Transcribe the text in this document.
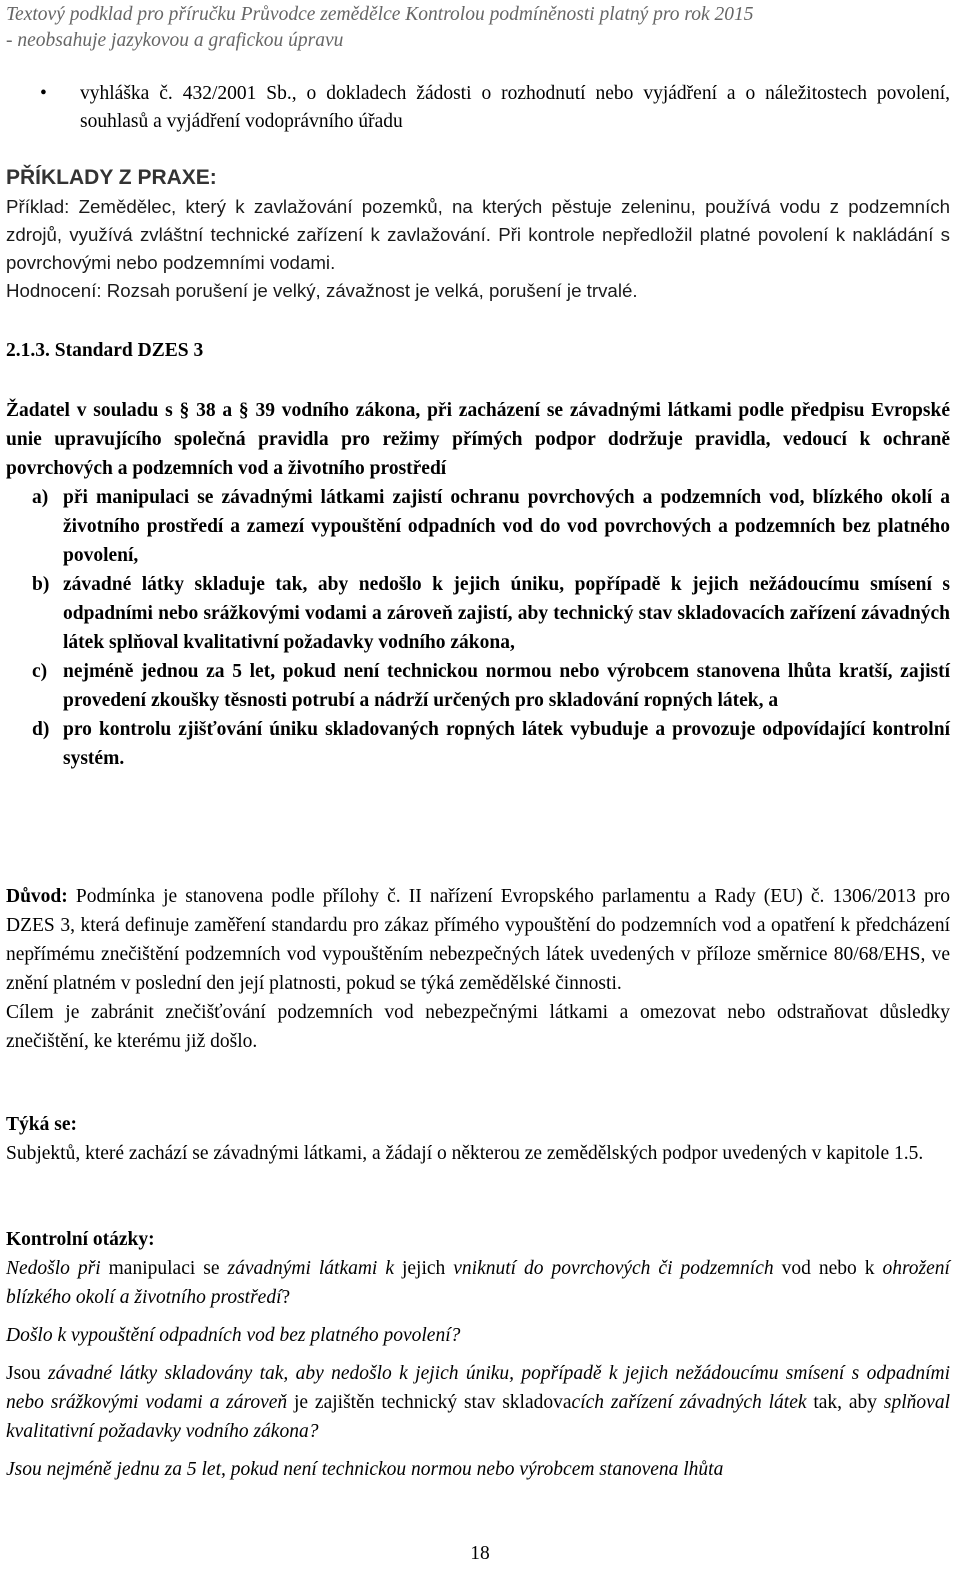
Textový podklad pro příručku Průvodce zemědělce Kontrolou podmíněnosti platný pro rok 2015
- neobsahuje jazykovou a grafickou úpravu
• vyhláška č. 432/2001 Sb., o dokladech žádosti o rozhodnutí nebo vyjádření a o náležitostech povolení, souhlasů a vyjádření vodoprávního úřadu
PŘÍKLADY Z PRAXE:
Příklad: Zemědělec, který k zavlažování pozemků, na kterých pěstuje zeleninu, používá vodu z podzemních zdrojů, využívá zvláštní technické zařízení k zavlažování. Při kontrole nepředložil platné povolení k nakládání s povrchovými nebo podzemními vodami.
Hodnocení: Rozsah porušení je velký, závažnost je velká, porušení je trvalé.
2.1.3. Standard DZES 3

Žadatel v souladu s § 38 a § 39 vodního zákona, při zacházení se závadnými látkami podle předpisu Evropské unie upravujícího společná pravidla pro režimy přímých podpor dodržuje pravidla, vedoucí k ochraně povrchových a podzemních vod a životního prostředí

a) při manipulaci se závadnými látkami zajistí ochranu povrchových a podzemních vod, blízkého okolí a životního prostředí a zamezí vypouštění odpadních vod do vod povrchových a podzemních bez platného povolení,
b) závadné látky skladuje tak, aby nedošlo k jejich úniku, popřípadě k jejich nežádoucímu smísení s odpadními nebo srážkovými vodami a zároveň zajistí, aby technický stav skladovacích zařízení závadných látek splňoval kvalitativní požadavky vodního zákona,
c) nejméně jednou za 5 let, pokud není technickou normou nebo výrobcem stanovena lhůta kratší, zajistí provedení zkoušky těsnosti potrubí a nádrží určených pro skladování ropných látek, a
d) pro kontrolu zjišťování úniku skladovaných ropných látek vybuduje a provozuje odpovídající kontrolní systém.

Důvod: Podmínka je stanovena podle přílohy č. II nařízení Evropského parlamentu a Rady (EU) č. 1306/2013 pro DZES 3, která definuje zaměření standardu pro zákaz přímého vypouštění do podzemních vod a opatření k předcházení nepřímému znečištění podzemních vod vypouštěním nebezpečných látek uvedených v příloze směrnice 80/68/EHS, ve znění platném v poslední den její platnosti, pokud se týká zemědělské činnosti.

Cílem je zabránit znečišťování podzemních vod nebezpečnými látkami a omezovat nebo odstraňovat důsledky znečištění, ke kterému již došlo.

Týká se:

Subjektů, které zachází se závadnými látkami, a žádají o některou ze zemědělských podpor uvedených v kapitole 1.5.

Kontrolní otázky:

Nedošlo při manipulaci se závadnými látkami k jejich vniknutí do povrchových či podzemních vod nebo k ohrožení blízkého okolí a životního prostředí?

Došlo k vypouštění odpadních vod bez platného povolení?

Jsou závadné látky skladovány tak, aby nedošlo k jejich úniku, popřípadě k jejich nežádoucímu smísení s odpadními nebo srážkovými vodami a zároveň je zajištěn technický stav skladovacích zařízení závadných látek tak, aby splňoval kvalitativní požadavky vodního zákona?

Jsou nejméně jednu za 5 let, pokud není technickou normou nebo výrobcem stanovena lhůta

18
